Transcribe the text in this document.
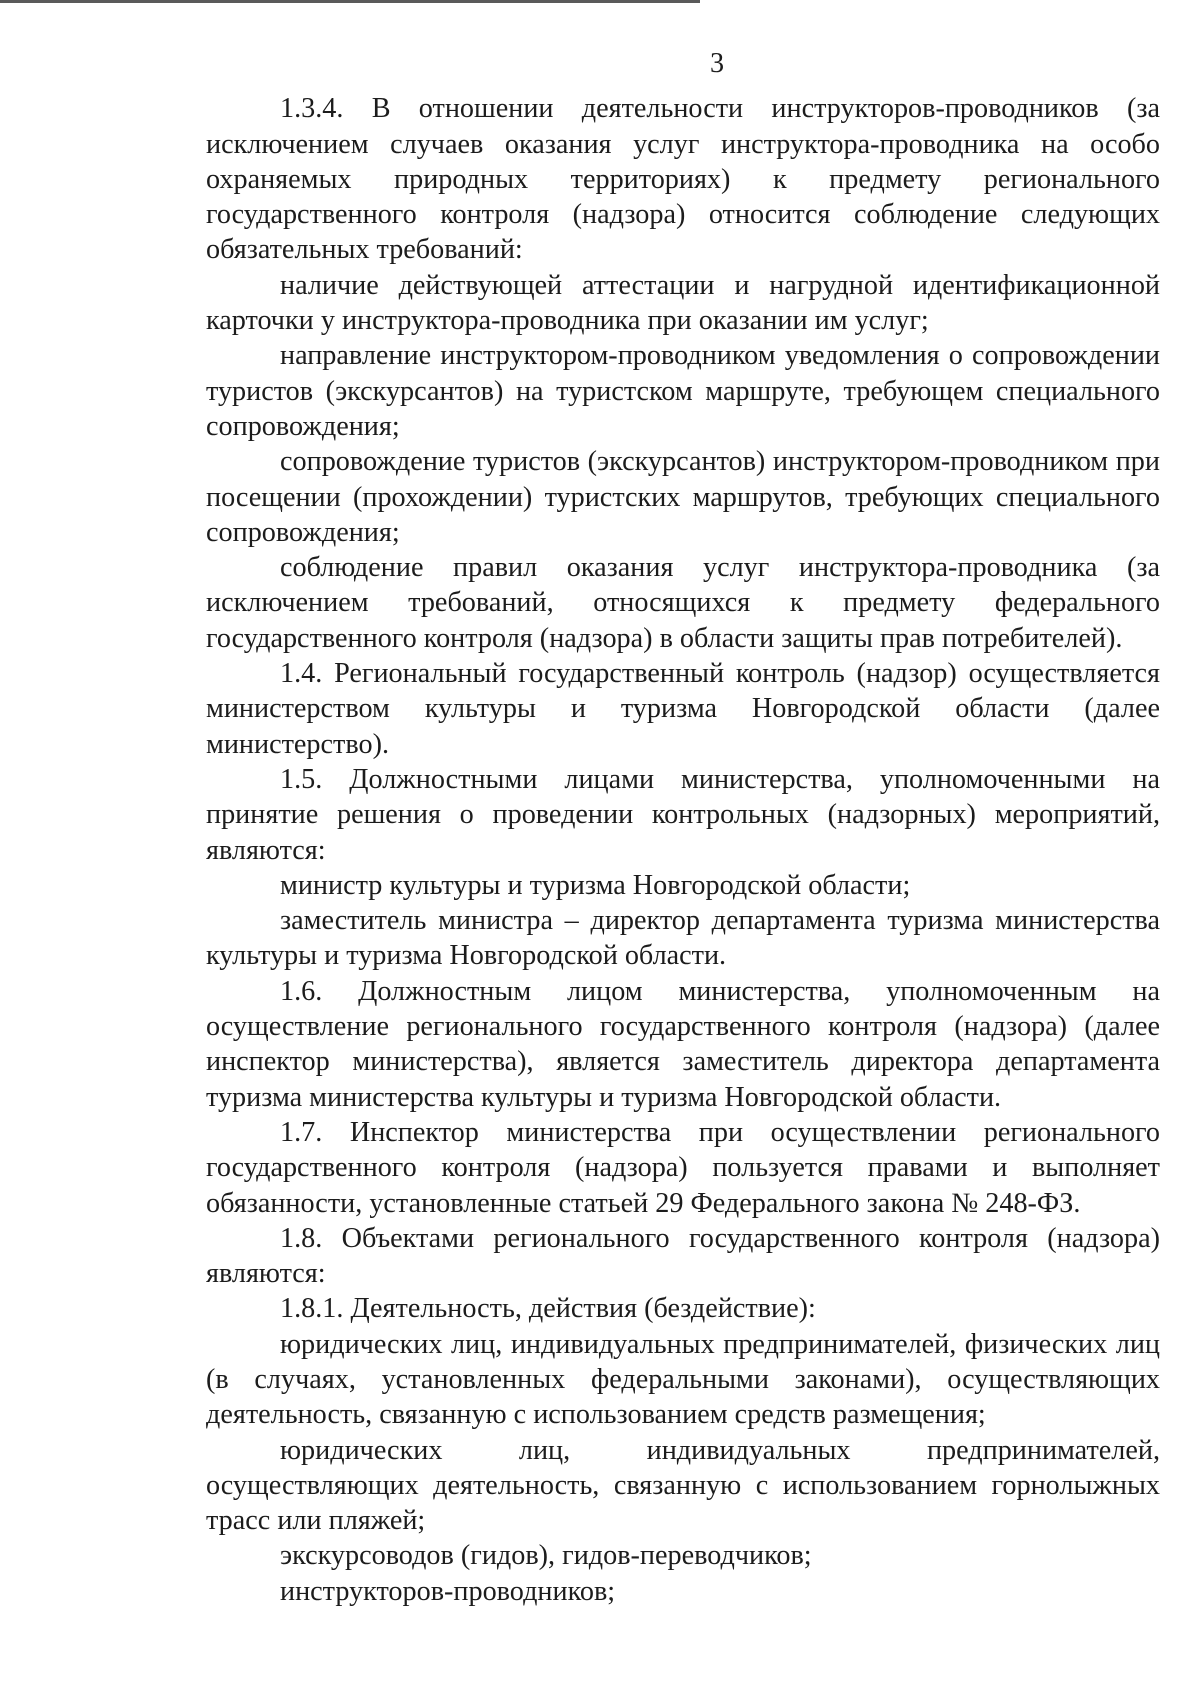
3

1.3.4. В отношении деятельности инструкторов-проводников (за исключением случаев оказания услуг инструктора-проводника на особо охраняемых природных территориях) к предмету регионального государственного контроля (надзора) относится соблюдение следующих обязательных требований:

наличие действующей аттестации и нагрудной идентификационной карточки у инструктора-проводника при оказании им услуг;

направление инструктором-проводником уведомления о сопровождении туристов (экскурсантов) на туристском маршруте, требующем специального сопровождения;

сопровождение туристов (экскурсантов) инструктором-проводником при посещении (прохождении) туристских маршрутов, требующих специального сопровождения;

соблюдение правил оказания услуг инструктора-проводника (за исключением требований, относящихся к предмету федерального государственного контроля (надзора) в области защиты прав потребителей).

1.4. Региональный государственный контроль (надзор) осуществляется министерством культуры и туризма Новгородской области (далее министерство).

1.5. Должностными лицами министерства, уполномоченными на принятие решения о проведении контрольных (надзорных) мероприятий, являются:

министр культуры и туризма Новгородской области;

заместитель министра – директор департамента туризма министерства культуры и туризма Новгородской области.

1.6. Должностным лицом министерства, уполномоченным на осуществление регионального государственного контроля (надзора) (далее инспектор министерства), является заместитель директора департамента туризма министерства культуры и туризма Новгородской области.

1.7. Инспектор министерства при осуществлении регионального государственного контроля (надзора) пользуется правами и выполняет обязанности, установленные статьей 29 Федерального закона № 248-ФЗ.

1.8. Объектами регионального государственного контроля (надзора) являются:

1.8.1. Деятельность, действия (бездействие):

юридических лиц, индивидуальных предпринимателей, физических лиц (в случаях, установленных федеральными законами), осуществляющих деятельность, связанную с использованием средств размещения;

юридических лиц, индивидуальных предпринимателей, осуществляющих деятельность, связанную с использованием горнолыжных трасс или пляжей;

экскурсоводов (гидов), гидов-переводчиков;

инструкторов-проводников;
